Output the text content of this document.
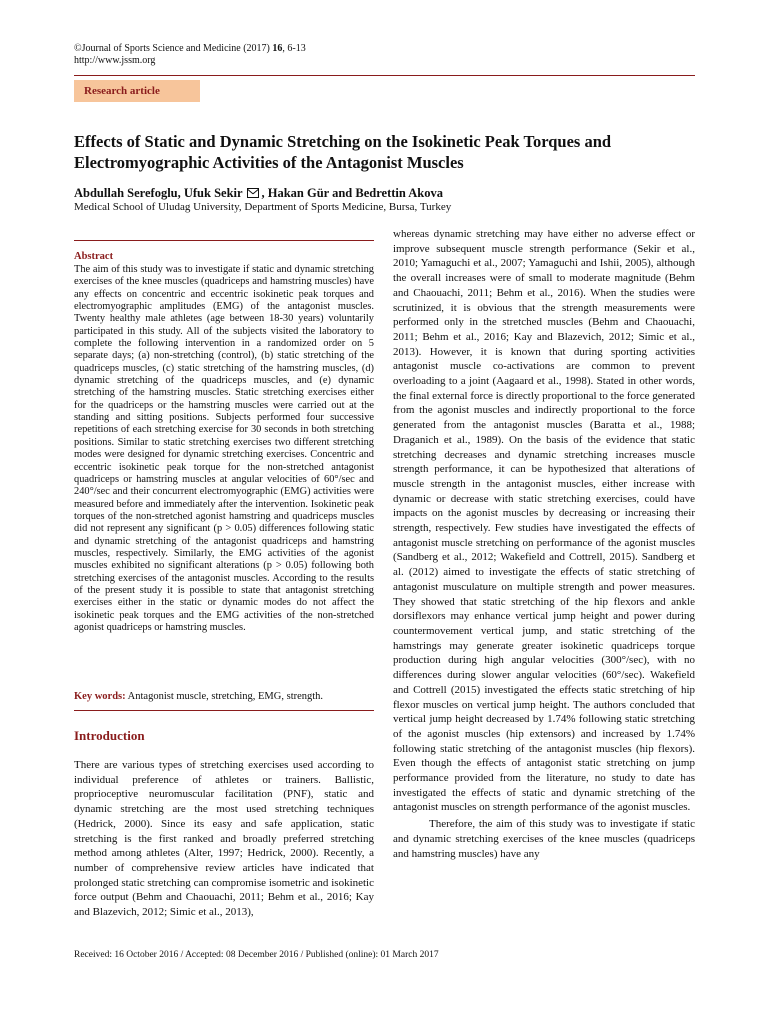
©Journal of Sports Science and Medicine (2017) 16, 6-13
http://www.jssm.org
Research article
Effects of Static and Dynamic Stretching on the Isokinetic Peak Torques and Electromyographic Activities of the Antagonist Muscles
Abdullah Serefoglu, Ufuk Sekir , Hakan Gür and Bedrettin Akova
Medical School of Uludag University, Department of Sports Medicine, Bursa, Turkey
Abstract
The aim of this study was to investigate if static and dynamic stretching exercises of the knee muscles (quadriceps and hamstring muscles) have any effects on concentric and eccentric isokinetic peak torques and electromyographic amplitudes (EMG) of the antagonist muscles. Twenty healthy male athletes (age between 18-30 years) voluntarily participated in this study. All of the subjects visited the laboratory to complete the following intervention in a randomized order on 5 separate days; (a) non-stretching (control), (b) static stretching of the quadriceps muscles, (c) static stretching of the hamstring muscles, (d) dynamic stretching of the quadriceps muscles, and (e) dynamic stretching of the hamstring muscles. Static stretching exercises either for the quadriceps or the hamstring muscles were carried out at the standing and sitting positions. Subjects performed four successive repetitions of each stretching exercise for 30 seconds in both stretching positions. Similar to static stretching exercises two different stretching modes were designed for dynamic stretching exercises. Concentric and eccentric isokinetic peak torque for the non-stretched antagonist quadriceps or hamstring muscles at angular velocities of 60°/sec and 240°/sec and their concurrent electromyographic (EMG) activities were measured before and immediately after the intervention. Isokinetic peak torques of the non-stretched agonist hamstring and quadriceps muscles did not represent any significant (p > 0.05) differences following static and dynamic stretching of the antagonist quadriceps and hamstring muscles, respectively. Similarly, the EMG activities of the agonist muscles exhibited no significant alterations (p > 0.05) following both stretching exercises of the antagonist muscles. According to the results of the present study it is possible to state that antagonist stretching exercises either in the static or dynamic modes do not affect the isokinetic peak torques and the EMG activities of the non-stretched agonist quadriceps or hamstring muscles.
Key words: Antagonist muscle, stretching, EMG, strength.
Introduction
There are various types of stretching exercises used according to individual preference of athletes or trainers. Ballistic, proprioceptive neuromuscular facilitation (PNF), static and dynamic stretching are the most used stretching techniques (Hedrick, 2000). Since its easy and safe application, static stretching is the first ranked and broadly preferred stretching method among athletes (Alter, 1997; Hedrick, 2000). Recently, a number of comprehensive review articles have indicated that prolonged static stretching can compromise isometric and isokinetic force output (Behm and Chaouachi, 2011; Behm et al., 2016; Kay and Blazevich, 2012; Simic et al., 2013),

whereas dynamic stretching may have either no adverse effect or improve subsequent muscle strength performance (Sekir et al., 2010; Yamaguchi et al., 2007; Yamaguchi and Ishii, 2005), although the overall increases were of small to moderate magnitude (Behm and Chaouachi, 2011; Behm et al., 2016). When the studies were scrutinized, it is obvious that the strength measurements were performed only in the stretched muscles (Behm and Chaouachi, 2011; Behm et al., 2016; Kay and Blazevich, 2012; Simic et al., 2013). However, it is known that during sporting activities antagonist muscle co-activations are common to prevent overloading to a joint (Aagaard et al., 1998). Stated in other words, the final external force is directly proportional to the force generated from the agonist muscles and indirectly proportional to the force generated from the antagonist muscles (Baratta et al., 1988; Draganich et al., 1989). On the basis of the evidence that static stretching decreases and dynamic stretching increases muscle strength performance, it can be hypothesized that alterations of muscle strength in the antagonist muscles, either increase with dynamic or decrease with static stretching exercises, could have impacts on the agonist muscles by decreasing or increasing their strength, respectively. Few studies have investigated the effects of antagonist muscle stretching on performance of the agonist muscles (Sandberg et al., 2012; Wakefield and Cottrell, 2015). Sandberg et al. (2012) aimed to investigate the effects of static stretching of antagonist musculature on multiple strength and power measures. They showed that static stretching of the hip flexors and ankle dorsiflexors may enhance vertical jump height and power during countermovement vertical jump, and static stretching of the hamstrings may generate greater isokinetic quadriceps torque production during high angular velocities (300°/sec), with no differences during slower angular velocities (60°/sec). Wakefield and Cottrell (2015) investigated the effects static stretching of hip flexor muscles on vertical jump height. The authors concluded that vertical jump height decreased by 1.74% following static stretching of the agonist muscles (hip extensors) and increased by 1.74% following static stretching of the antagonist muscles (hip flexors). Even though the effects of antagonist static stretching on jump performance provided from the literature, no study to date has investigated the effects of static and dynamic stretching of the antagonist muscles on strength performance of the agonist muscles.

Therefore, the aim of this study was to investigate if static and dynamic stretching exercises of the knee muscles (quadriceps and hamstring muscles) have any

Received: 16 October 2016 / Accepted: 08 December 2016 / Published (online): 01 March 2017
